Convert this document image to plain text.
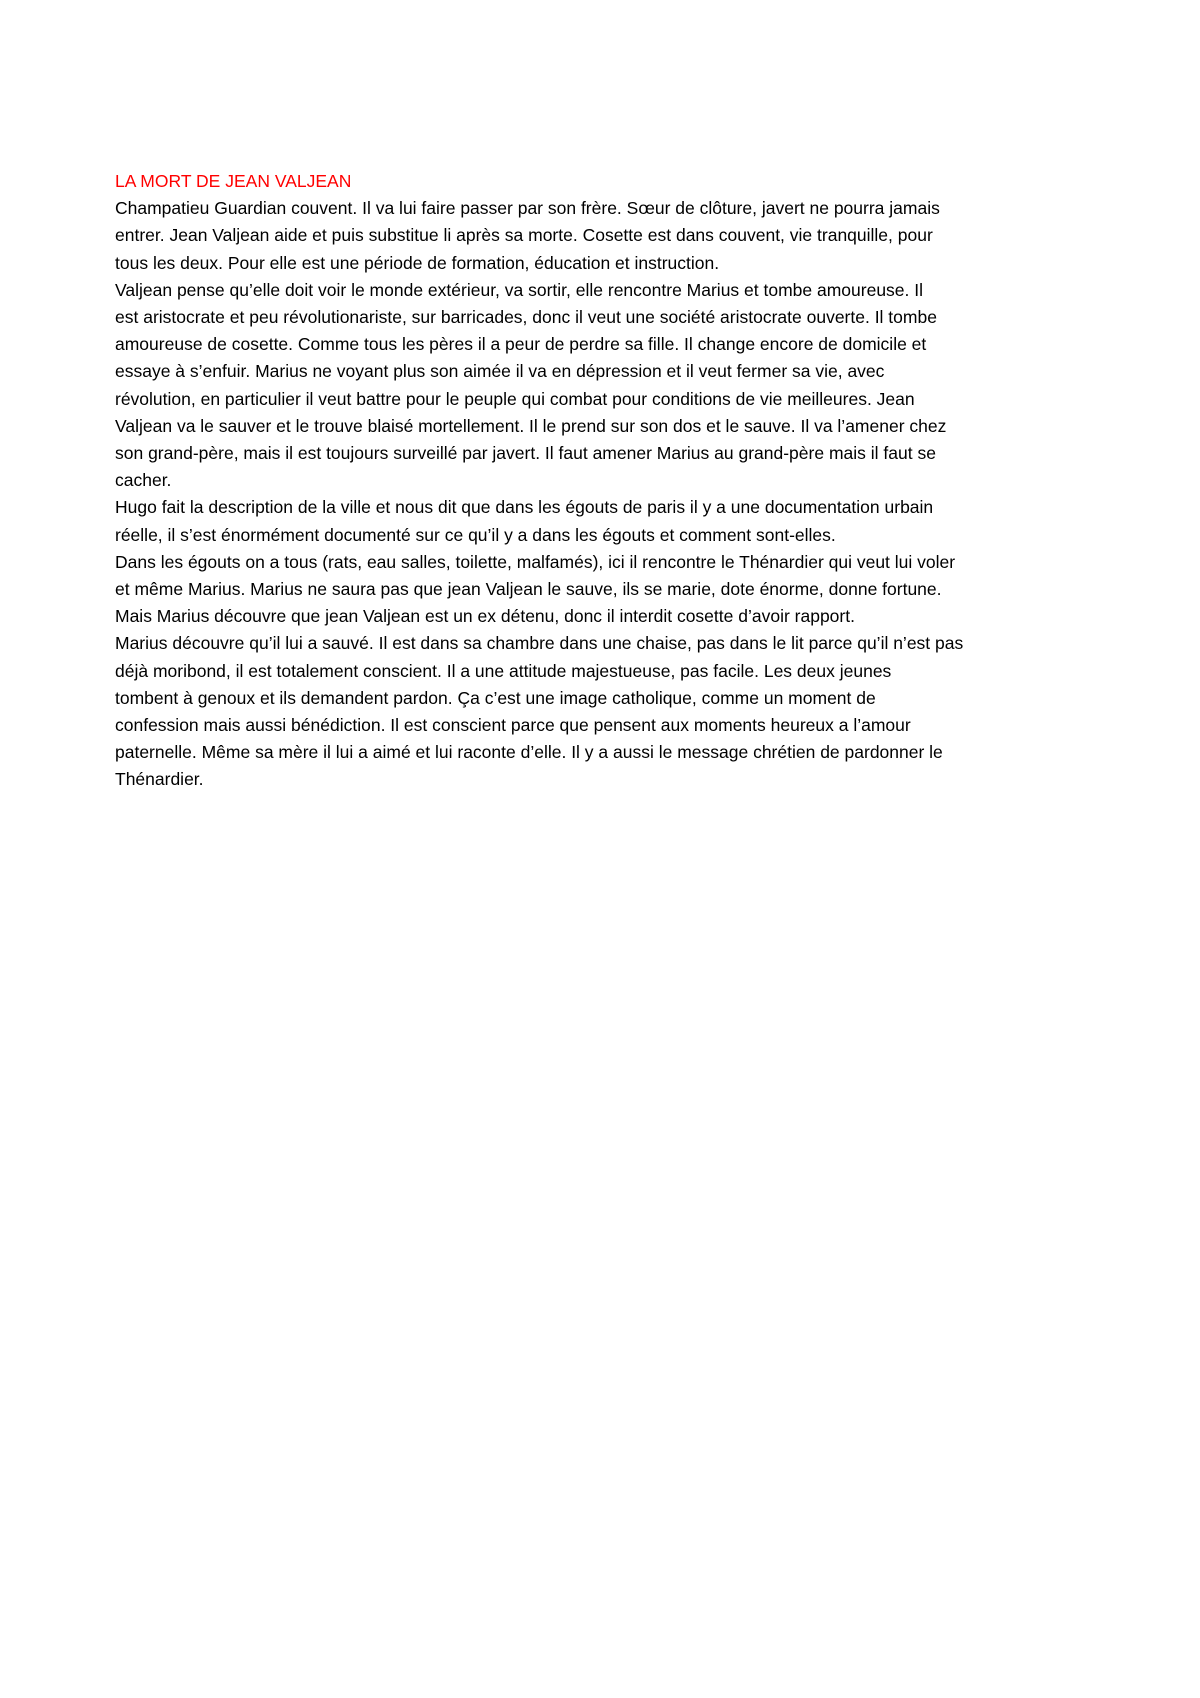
LA MORT DE JEAN VALJEAN
Champatieu Guardian couvent. Il va lui faire passer par son frère. Sœur de clôture, javert ne pourra jamais
entrer. Jean Valjean aide et puis substitue li après sa morte. Cosette est dans couvent, vie tranquille, pour
tous les deux. Pour elle est une période de formation, éducation et instruction.
Valjean pense qu’elle doit voir le monde extérieur, va sortir, elle rencontre Marius et tombe amoureuse. Il
est aristocrate et peu révolutionariste, sur barricades, donc il veut une société aristocrate ouverte. Il tombe
amoureuse de cosette. Comme tous les pères il a peur de perdre sa fille. Il change encore de domicile et
essaye à s’enfuir. Marius ne voyant plus son aimée il va en dépression et il veut fermer sa vie, avec
révolution, en particulier il veut battre pour le peuple qui combat pour conditions de vie meilleures. Jean
Valjean va le sauver et le trouve blaisé mortellement. Il le prend sur son dos et le sauve. Il va l’amener chez
son grand-père, mais il est toujours surveillé par javert. Il faut amener Marius au grand-père mais il faut se
cacher.
Hugo fait la description de la ville et nous dit que dans les égouts de paris il y a une documentation urbain
réelle, il s’est énormément documenté sur ce qu’il y a dans les égouts et comment sont-elles.
Dans les égouts on a tous (rats, eau salles, toilette, malfamés), ici il rencontre le Thénardier qui veut lui voler
et même Marius. Marius ne saura pas que jean Valjean le sauve, ils se marie, dote énorme, donne fortune.
Mais Marius découvre que jean Valjean est un ex détenu, donc il interdit cosette d’avoir rapport.
Marius découvre qu’il lui a sauvé. Il est dans sa chambre dans une chaise, pas dans le lit parce qu’il n’est pas
déjà moribond, il est totalement conscient. Il a une attitude majestueuse, pas facile. Les deux jeunes
tombent à genoux et ils demandent pardon. Ça c’est une image catholique, comme un moment de
confession mais aussi bénédiction. Il est conscient parce que pensent aux moments heureux a l’amour
paternelle. Même sa mère il lui a aimé et lui raconte d’elle. Il y a aussi le message chrétien de pardonner le
Thénardier.
